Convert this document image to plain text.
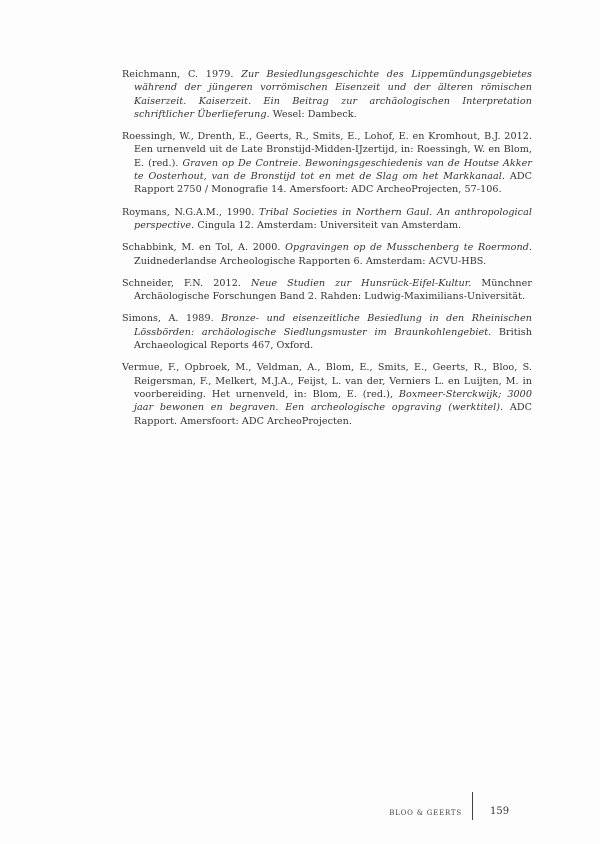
Reichmann, C. 1979. Zur Besiedlungsgeschichte des Lippemündungsgebietes während der jüngeren vorrömischen Eisenzeit und der älteren römischen Kaiserzeit. Kaiserzeit. Ein Beitrag zur archäologischen Interpretation schriftlicher Überlieferung. Wesel: Dambeck.

Roessingh, W., Drenth, E., Geerts, R., Smits, E., Lohof, E. en Kromhout, B.J. 2012. Een urnenveld uit de Late Bronstijd-Midden-IJzertijd, in: Roessingh, W. en Blom, E. (red.). Graven op De Contreie. Bewoningsgeschiedenis van de Houtse Akker te Oosterhout, van de Bronstijd tot en met de Slag om het Markkanaal. ADC Rapport 2750 / Monografie 14. Amersfoort: ADC ArcheoProjecten, 57-106.

Roymans, N.G.A.M., 1990. Tribal Societies in Northern Gaul. An anthropological perspective. Cingula 12. Amsterdam: Universiteit van Amsterdam.

Schabbink, M. en Tol, A. 2000. Opgravingen op de Musschenberg te Roermond. Zuidnederlandse Archeologische Rapporten 6. Amsterdam: ACVU-HBS.

Schneider, F.N. 2012. Neue Studien zur Hunsrück-Eifel-Kultur. Münchner Archäologische Forschungen Band 2. Rahden: Ludwig-Maximilians-Universität.

Simons, A. 1989. Bronze- und eisenzeitliche Besiedlung in den Rheinischen Lössbörden: archäologische Siedlungsmuster im Braunkohlengebiet. British Archaeological Reports 467, Oxford.

Vermue, F., Opbroek, M., Veldman, A., Blom, E., Smits, E., Geerts, R., Bloo, S. Reigersman, F., Melkert, M.J.A., Feijst, L. van der, Verniers L. en Luijten, M. in voorbereiding. Het urnenveld, in: Blom, E. (red.), Boxmeer-Sterckwijk; 3000 jaar bewonen en begraven. Een archeologische opgraving (werktitel). ADC Rapport. Amersfoort: ADC ArcheoProjecten.

BLOO & GEERTS	159
